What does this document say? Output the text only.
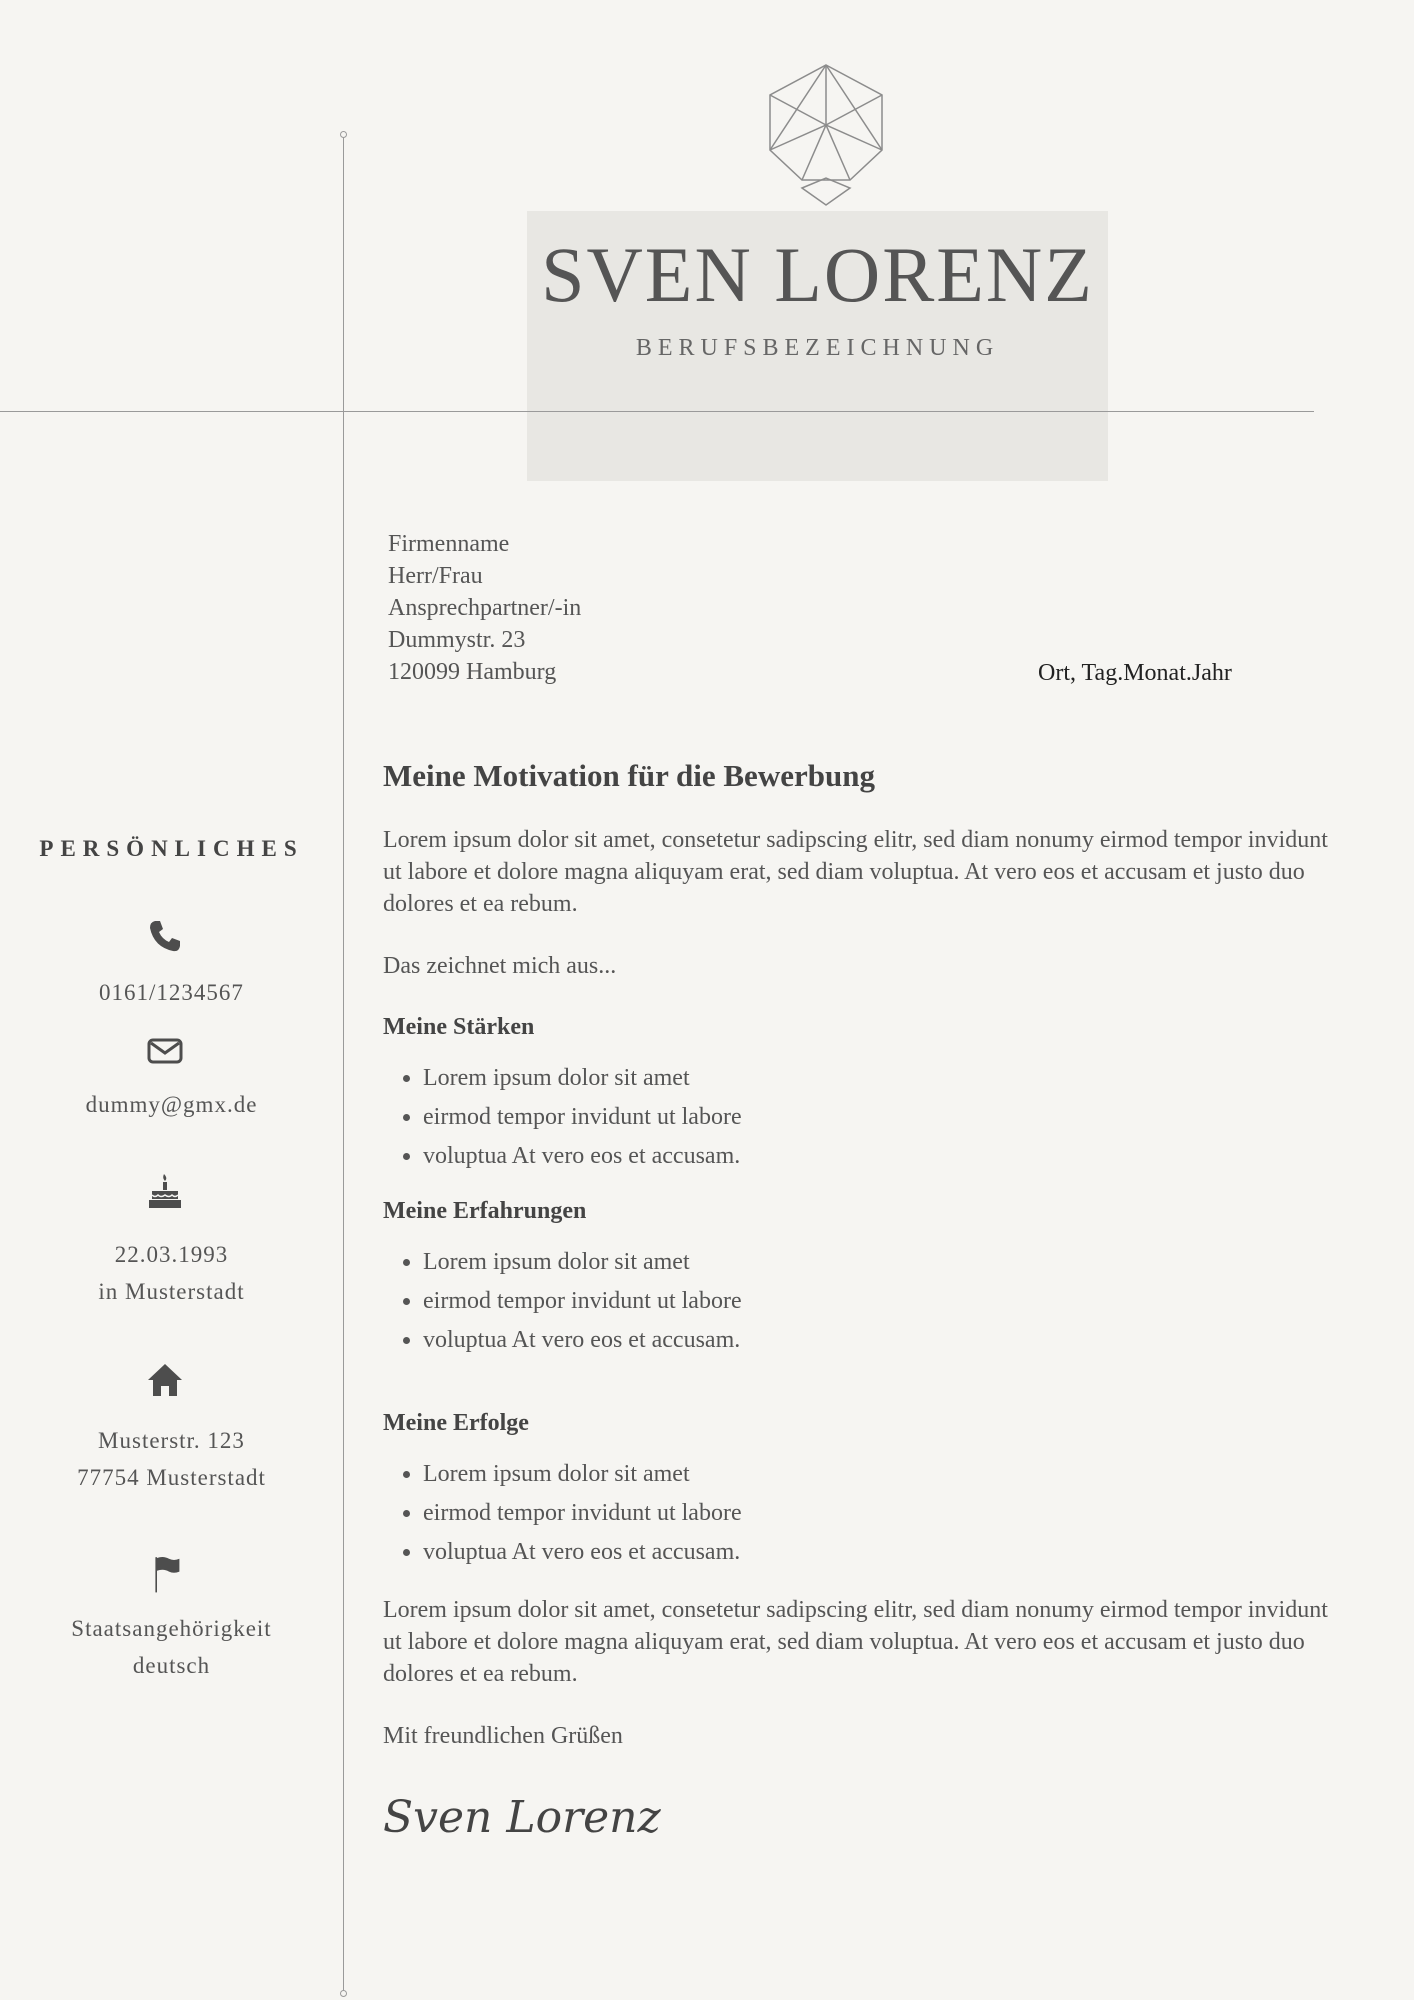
SVEN LORENZ
BERUFSBEZEICHNUNG
Firmenname
Herr/Frau
Ansprechpartner/-in
Dummystr. 23
120099 Hamburg	Ort, Tag.Monat.Jahr
PERSÖNLICHES
0161/1234567
dummy@gmx.de
22.03.1993
in Musterstadt
Musterstr. 123
77754 Musterstadt
Staatsangehörigkeit
deutsch
Meine Motivation für die Bewerbung

Lorem ipsum dolor sit amet, consetetur sadipscing elitr, sed diam nonumy eirmod tempor invidunt ut labore et dolore magna aliquyam erat, sed diam voluptua. At vero eos et accusam et justo duo dolores et ea rebum.

Das zeichnet mich aus...

Meine Stärken

• Lorem ipsum dolor sit amet
• eirmod tempor invidunt ut labore
• voluptua At vero eos et accusam.

Meine Erfahrungen

• Lorem ipsum dolor sit amet
• eirmod tempor invidunt ut labore
• voluptua At vero eos et accusam.

Meine Erfolge

• Lorem ipsum dolor sit amet
• eirmod tempor invidunt ut labore
• voluptua At vero eos et accusam.

Lorem ipsum dolor sit amet, consetetur sadipscing elitr, sed diam nonumy eirmod tempor invidunt ut labore et dolore magna aliquyam erat, sed diam voluptua. At vero eos et accusam et justo duo dolores et ea rebum.

Mit freundlichen Grüßen

Sven Lorenz
